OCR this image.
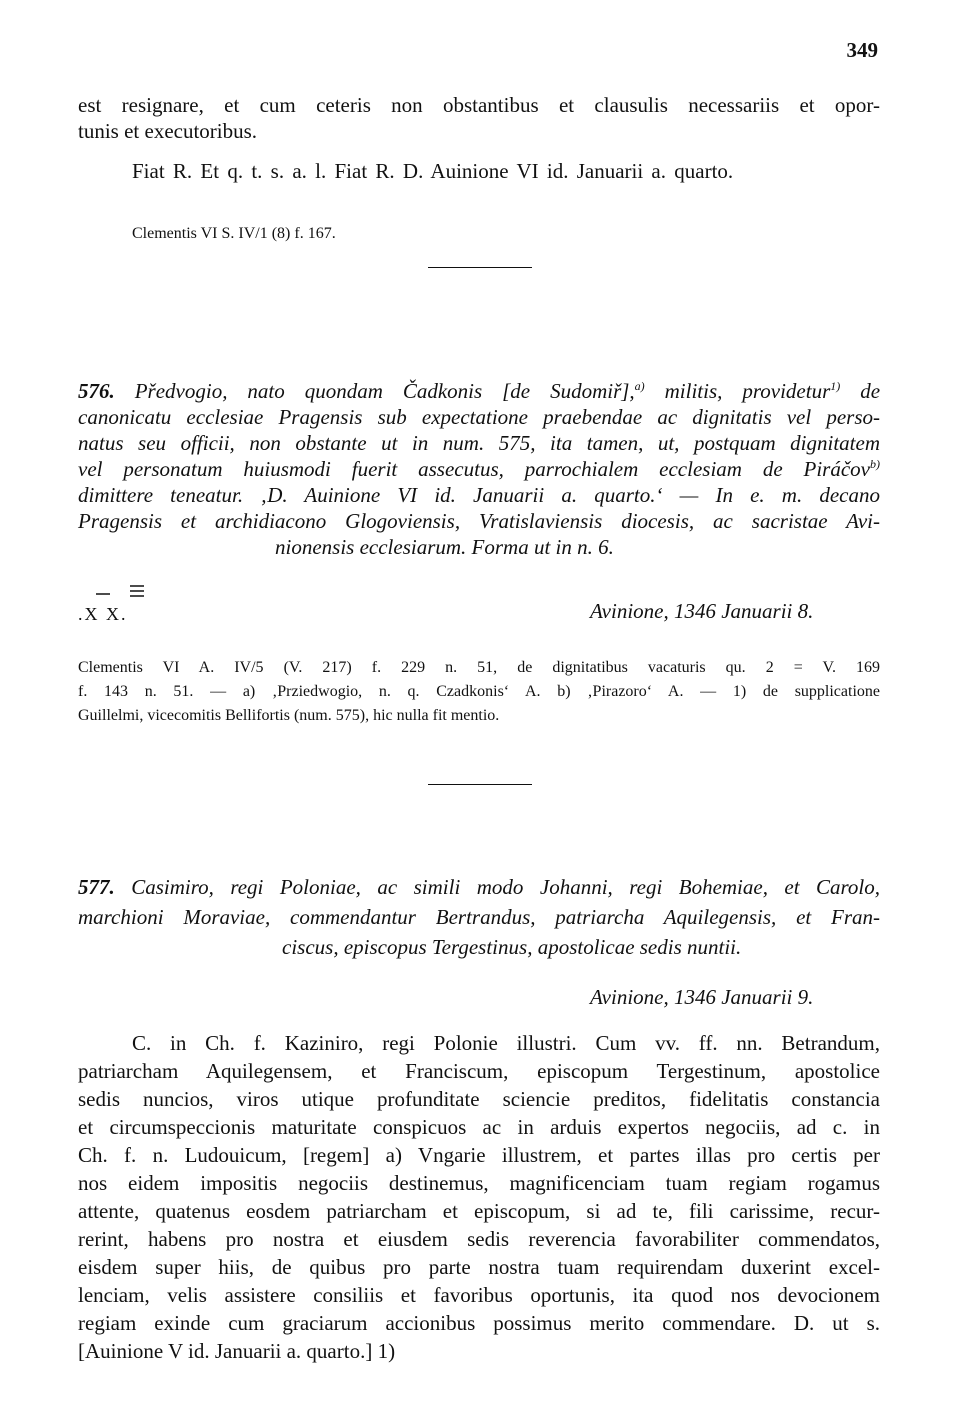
349
est resignare, et cum ceteris non obstantibus et clausulis necessariis et opor-
tunis et executoribus.
Fiat R. Et q. t. s. a. l. Fiat R. D. Auinione VI id. Januarii a. quarto.
Clementis VI S. IV/1 (8) f. 167.
576. Předvogio, nato quondam Čadkonis [de Sudomiř],$^{a)}$ militis, providetur$^{1)}$ de
canonicatu ecclesiae Pragensis sub expectatione praebendae ac dignitatis vel perso-
natus seu officii, non obstante ut in num. 575, ita tamen, ut, postquam dignitatem
vel personatum huiusmodi fuerit assecutus, parrochialem ecclesiam de Piráčov$^{b)}$
dimittere teneatur. ‚D. Auinione VI id. Januarii a. quarto.‘ — In e. m. decano
Pragensis et archidiacono Glogoviensis, Vratislaviensis diocesis, ac sacristae Avi-
nionensis ecclesiarum. Forma ut in n. 6.
.X X.	Avinione, 1346 Januarii 8.
Clementis VI A. IV/5 (V. 217) f. 229 n. 51, de dignitatibus vacaturis qu. 2 = V. 169
f. 143 n. 51. — a) ‚Prziedwogio, n. q. Czadkonis‘ A. b) ‚Pirazoro‘ A. — 1) de supplicatione
Guillelmi, vicecomitis Bellifortis (num. 575), hic nulla fit mentio.
577. Casimiro, regi Poloniae, ac simili modo Johanni, regi Bohemiae, et Carolo,
marchioni Moraviae, commendantur Bertrandus, patriarcha Aquilegensis, et Fran-
ciscus, episcopus Tergestinus, apostolicae sedis nuntii.
Avinione, 1346 Januarii 9.
C. in Ch. f. Kaziniro, regi Polonie illustri. Cum vv. ff. nn. Betrandum,
patriarcham Aquilegensem, et Franciscum, episcopum Tergestinum, apostolice
sedis nuncios, viros utique profunditate sciencie preditos, fidelitatis constancia
et circumspeccionis maturitate conspicuos ac in arduis expertos negociis, ad c. in
Ch. f. n. Ludouicum, [regem] a) Vngarie illustrem, et partes illas pro certis per
nos eidem impositis negociis destinemus, magnificenciam tuam regiam rogamus
attente, quatenus eosdem patriarcham et episcopum, si ad te, fili carissime, recur-
rerint, habens pro nostra et eiusdem sedis reverencia favorabiliter commendatos,
eisdem super hiis, de quibus pro parte nostra tuam requirendam duxerint excel-
lenciam, velis assistere consiliis et favoribus oportunis, ita quod nos devocionem
regiam exinde cum graciarum accionibus possimus merito commendare. D. ut s.
[Auinione V id. Januarii a. quarto.] 1)
